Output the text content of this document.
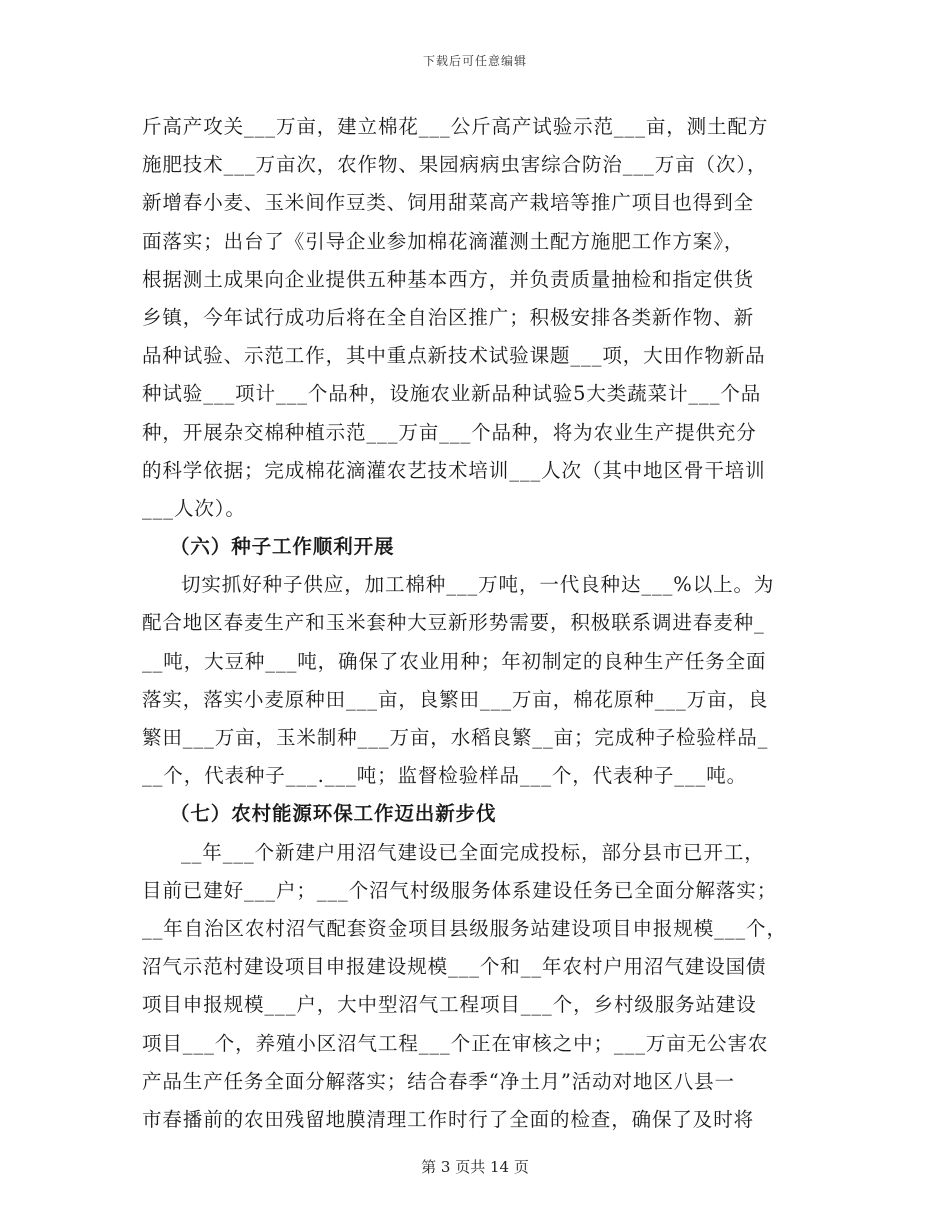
下载后可任意编辑
斤高产攻关___万亩，建立棉花___公斤高产试验示范___亩，测土配方
施肥技术___万亩次，农作物、果园病病虫害综合防治___万亩（次），
新增春小麦、玉米间作豆类、饲用甜菜高产栽培等推广项目也得到全
面落实；出台了《引导企业参加棉花滴灌测土配方施肥工作方案》，
根据测土成果向企业提供五种基本西方，并负责质量抽检和指定供货
乡镇，今年试行成功后将在全自治区推广；积极安排各类新作物、新
品种试验、示范工作，其中重点新技术试验课题___项，大田作物新品
种试验___项计___个品种，设施农业新品种试验5大类蔬菜计___个品
种，开展杂交棉种植示范___万亩___个品种，将为农业生产提供充分
的科学依据；完成棉花滴灌农艺技术培训___人次（其中地区骨干培训
___人次）。
（六）种子工作顺利开展
切实抓好种子供应，加工棉种___万吨，一代良种达___%以上。为
配合地区春麦生产和玉米套种大豆新形势需要，积极联系调进春麦种_
__吨，大豆种___吨，确保了农业用种；年初制定的良种生产任务全面
落实，落实小麦原种田___亩，良繁田___万亩，棉花原种___万亩，良
繁田___万亩，玉米制种___万亩，水稻良繁__亩；完成种子检验样品_
__个，代表种子___.___吨；监督检验样品___个，代表种子___吨。
（七）农村能源环保工作迈出新步伐
__年___个新建户用沼气建设已全面完成投标，部分县市已开工，
目前已建好___户；___个沼气村级服务体系建设任务已全面分解落实；
__年自治区农村沼气配套资金项目县级服务站建设项目申报规模___个，
沼气示范村建设项目申报建设规模___个和__年农村户用沼气建设国债
项目申报规模___户，大中型沼气工程项目___个，乡村级服务站建设
项目___个，养殖小区沼气工程___个正在审核之中；___万亩无公害农
产品生产任务全面分解落实；结合春季“净土月”活动对地区八县一
市春播前的农田残留地膜清理工作时行了全面的检查，确保了及时将
第 3 页共 14 页
